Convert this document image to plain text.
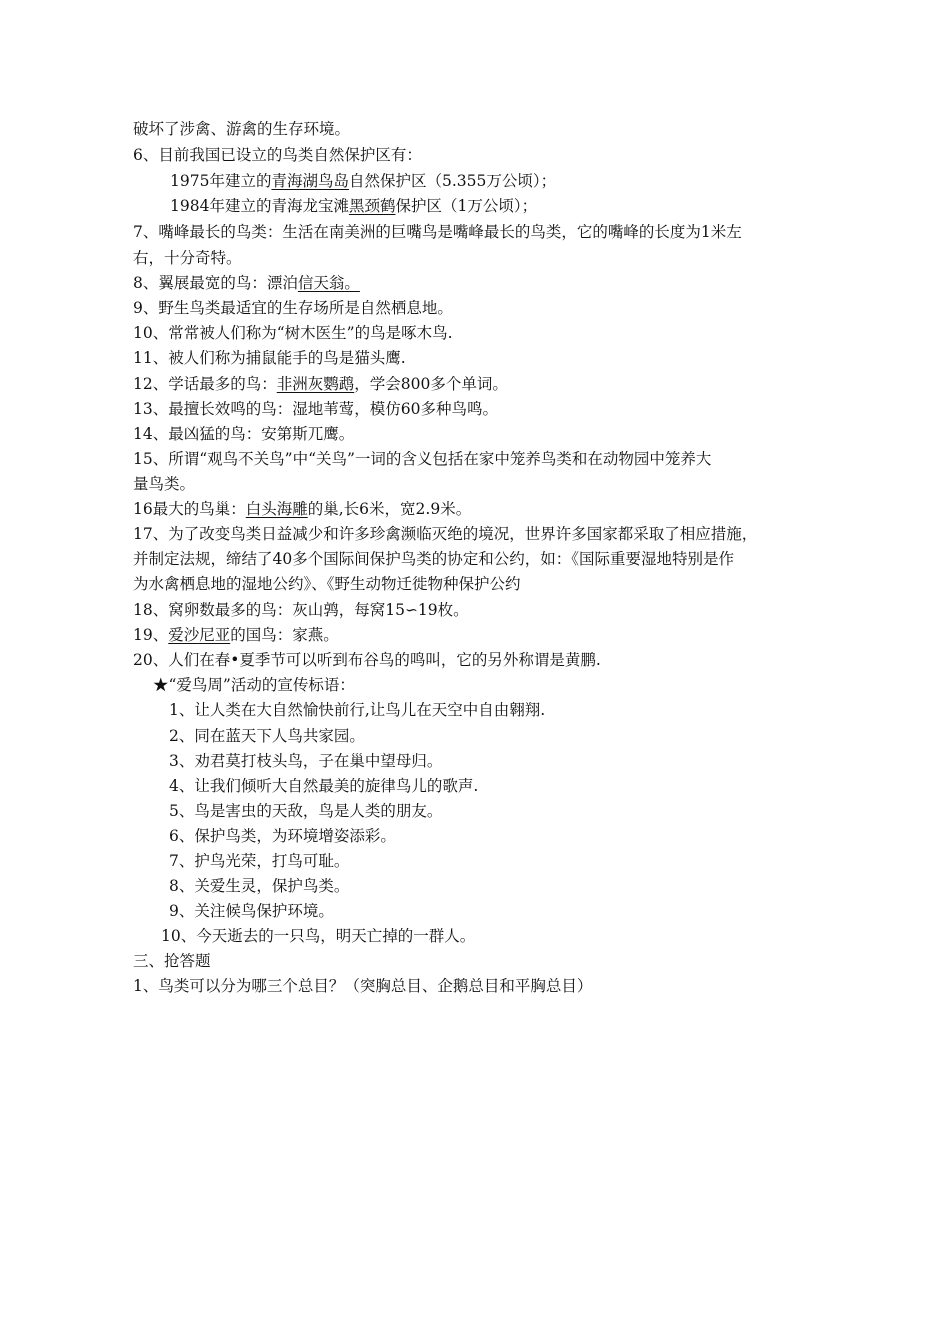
破坏了涉禽、游禽的生存环境。
6、目前我国已设立的鸟类自然保护区有：
1975年建立的青海湖鸟岛自然保护区（5.355万公顷）；
1984年建立的青海龙宝滩黑颈鹤保护区（1万公顷）；
7、嘴峰最长的鸟类：生活在南美洲的巨嘴鸟是嘴峰最长的鸟类，它的嘴峰的长度为1米左
右，十分奇特。
8、翼展最宽的鸟：漂泊信天翁。
9、野生鸟类最适宜的生存场所是自然栖息地。
10、常常被人们称为“树木医生”的鸟是啄木鸟.
11、被人们称为捕鼠能手的鸟是猫头鹰.
12、学话最多的鸟：非洲灰鹦鹉，学会800多个单词。
13、最擅长效鸣的鸟：湿地苇莺，模仿60多种鸟鸣。
14、最凶猛的鸟：安第斯兀鹰。
15、所谓“观鸟不关鸟”中“关鸟”一词的含义包括在家中笼养鸟类和在动物园中笼养大
量鸟类。
16最大的鸟巢：白头海雕的巢,长6米，宽2.9米。
17、为了改变鸟类日益减少和许多珍禽濒临灭绝的境况，世界许多国家都采取了相应措施，
并制定法规，缔结了40多个国际间保护鸟类的协定和公约，如：《国际重要湿地特别是作
为水禽栖息地的湿地公约》、《野生动物迁徙物种保护公约
18、窝卵数最多的鸟：灰山鹑，每窝15∽19枚。
19、爱沙尼亚的国鸟：家燕。
20、人们在春•夏季节可以听到布谷鸟的鸣叫，它的另外称谓是黄鹏.
★“爱鸟周”活动的宣传标语：
1、让人类在大自然愉快前行,让鸟儿在天空中自由翱翔.
2、同在蓝天下人鸟共家园。
3、劝君莫打枝头鸟，子在巢中望母归。
4、让我们倾听大自然最美的旋律鸟儿的歌声.
5、鸟是害虫的天敌，鸟是人类的朋友。
6、保护鸟类，为环境增姿添彩。
7、护鸟光荣，打鸟可耻。
8、关爱生灵，保护鸟类。
9、关注候鸟保护环境。
10、今天逝去的一只鸟，明天亡掉的一群人。
三、抢答题
1、鸟类可以分为哪三个总目？（突胸总目、企鹅总目和平胸总目）
